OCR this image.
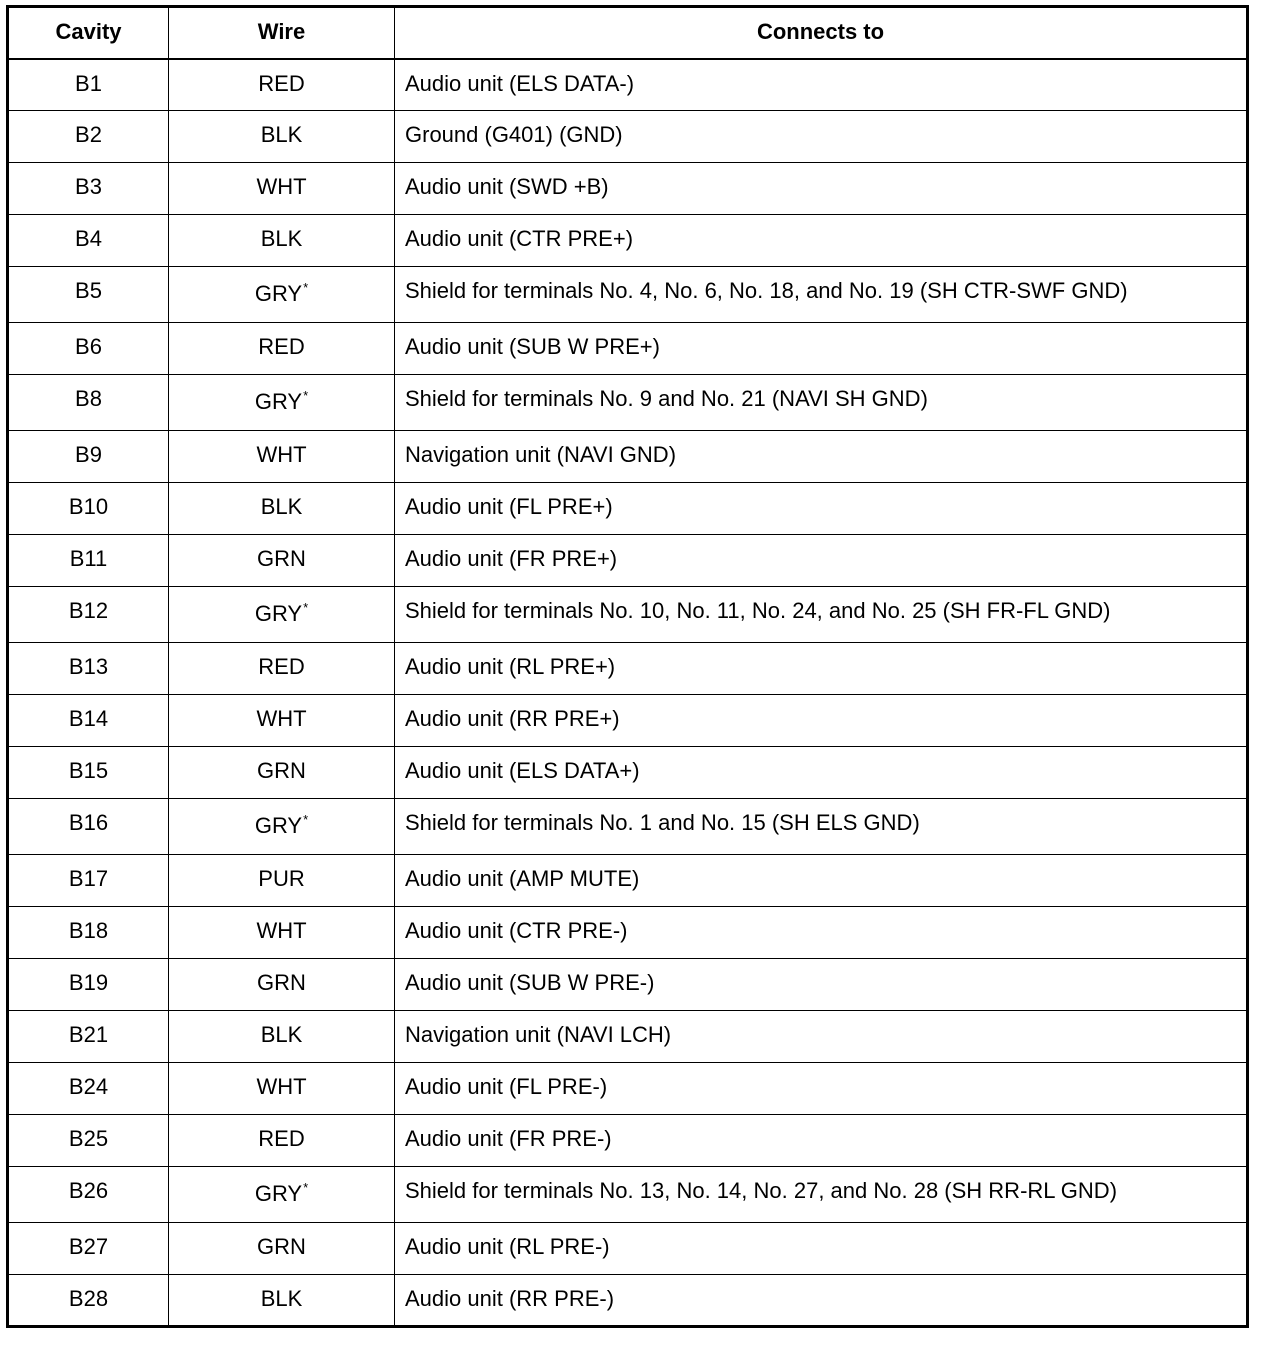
Cavity	Wire	Connects to
B1	RED	Audio unit (ELS DATA-)
B2	BLK	Ground (G401) (GND)
B3	WHT	Audio unit (SWD +B)
B4	BLK	Audio unit (CTR PRE+)
B5	GRY*	Shield for terminals No. 4, No. 6, No. 18, and No. 19 (SH CTR-SWF GND)
B6	RED	Audio unit (SUB W PRE+)
B8	GRY*	Shield for terminals No. 9 and No. 21 (NAVI SH GND)
B9	WHT	Navigation unit (NAVI GND)
B10	BLK	Audio unit (FL PRE+)
B11	GRN	Audio unit (FR PRE+)
B12	GRY*	Shield for terminals No. 10, No. 11, No. 24, and No. 25 (SH FR-FL GND)
B13	RED	Audio unit (RL PRE+)
B14	WHT	Audio unit (RR PRE+)
B15	GRN	Audio unit (ELS DATA+)
B16	GRY*	Shield for terminals No. 1 and No. 15 (SH ELS GND)
B17	PUR	Audio unit (AMP MUTE)
B18	WHT	Audio unit (CTR PRE-)
B19	GRN	Audio unit (SUB W PRE-)
B21	BLK	Navigation unit (NAVI LCH)
B24	WHT	Audio unit (FL PRE-)
B25	RED	Audio unit (FR PRE-)
B26	GRY*	Shield for terminals No. 13, No. 14, No. 27, and No. 28 (SH RR-RL GND)
B27	GRN	Audio unit (RL PRE-)
B28	BLK	Audio unit (RR PRE-)
